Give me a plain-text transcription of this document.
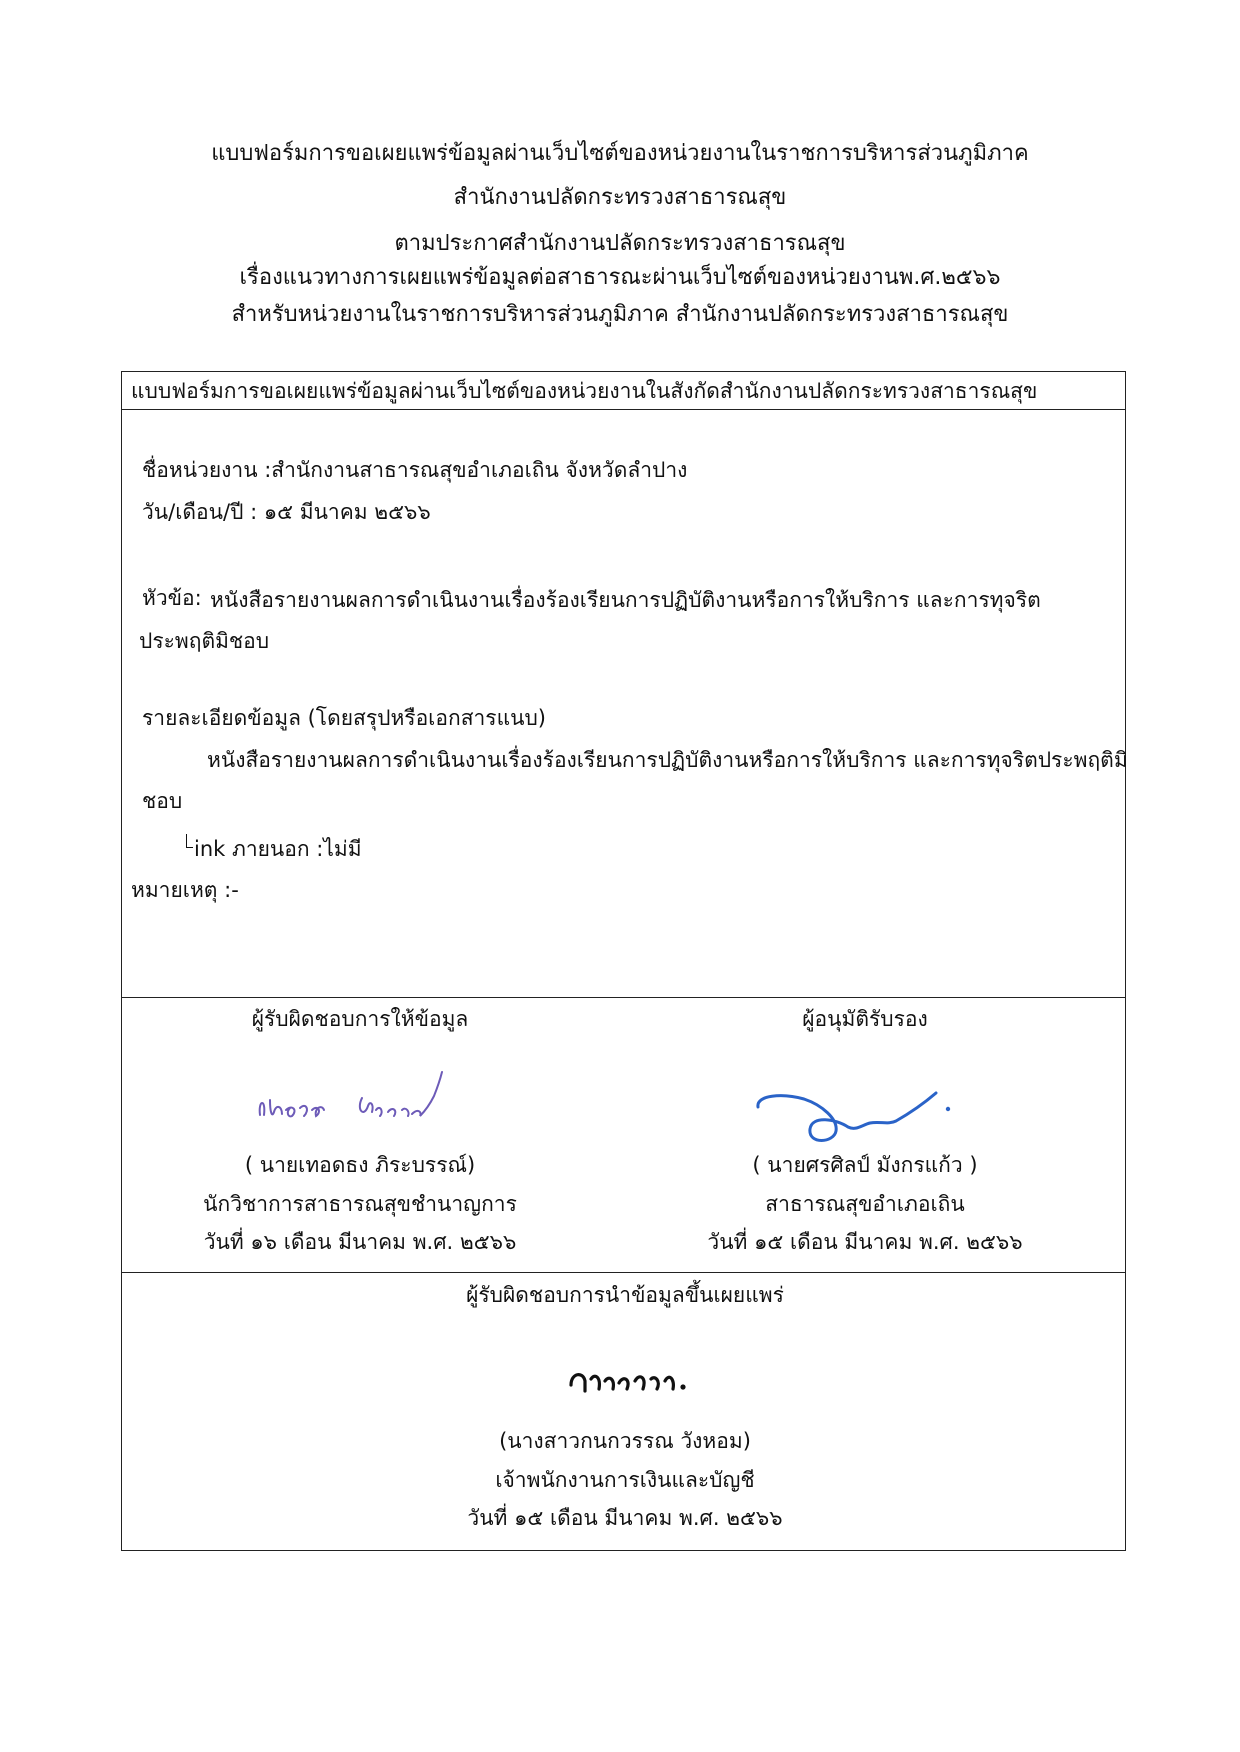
แบบฟอร์มการขอเผยแพร่ข้อมูลผ่านเว็บไซต์ของหน่วยงานในราชการบริหารส่วนภูมิภาค
สำนักงานปลัดกระทรวงสาธารณสุข
ตามประกาศสำนักงานปลัดกระทรวงสาธารณสุข
เรื่องแนวทางการเผยแพร่ข้อมูลต่อสาธารณะผ่านเว็บไซต์ของหน่วยงานพ.ศ.๒๕๖๖
สำหรับหน่วยงานในราชการบริหารส่วนภูมิภาค สำนักงานปลัดกระทรวงสาธารณสุข
แบบฟอร์มการขอเผยแพร่ข้อมูลผ่านเว็บไซต์ของหน่วยงานในสังกัดสำนักงานปลัดกระทรวงสาธารณสุข
ชื่อหน่วยงาน :สำนักงานสาธารณสุขอำเภอเถิน จังหวัดลำปาง
วัน/เดือน/ปี : ๑๕ มีนาคม ๒๕๖๖
หัวข้อ: หนังสือรายงานผลการดำเนินงานเรื่องร้องเรียนการปฏิบัติงานหรือการให้บริการ และการทุจริต
ประพฤติมิชอบ
รายละเอียดข้อมูล (โดยสรุปหรือเอกสารแนบ)
หนังสือรายงานผลการดำเนินงานเรื่องร้องเรียนการปฏิบัติงานหรือการให้บริการ และการทุจริตประพฤติมิ
ชอบ
ink ภายนอก :ไม่มี
หมายเหตุ :-
ผู้รับผิดชอบการให้ข้อมูล
( นายเทอดธง ภิระบรรณ์)
นักวิชาการสาธารณสุขชำนาญการ
วันที่ ๑๖ เดือน มีนาคม พ.ศ. ๒๕๖๖
ผู้อนุมัติรับรอง
( นายศรศิลป์ มังกรแก้ว )
สาธารณสุขอำเภอเถิน
วันที่ ๑๕ เดือน มีนาคม พ.ศ. ๒๕๖๖
ผู้รับผิดชอบการนำข้อมูลขึ้นเผยแพร่
(นางสาวกนกวรรณ วังหอม)
เจ้าพนักงานการเงินและบัญชี
วันที่ ๑๕ เดือน มีนาคม พ.ศ. ๒๕๖๖
